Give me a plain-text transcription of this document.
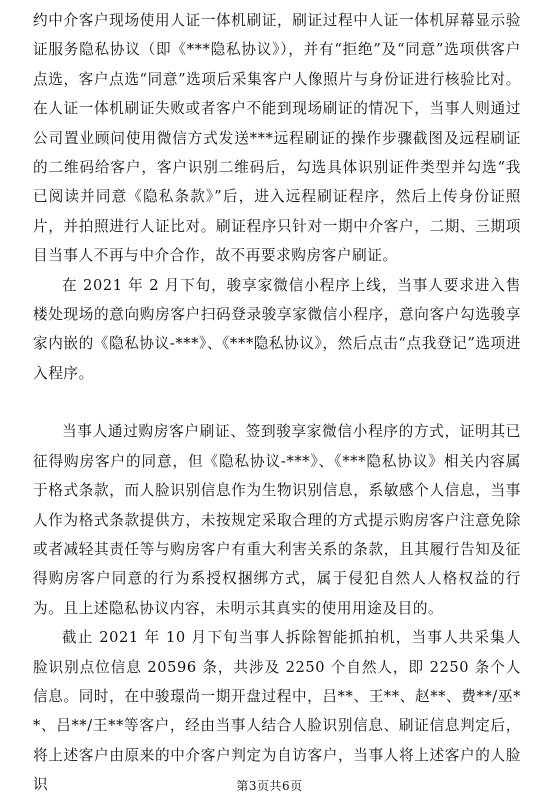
约中介客户现场使用人证一体机刷证，刷证过程中人证一体机屏幕显示验证服务隐私协议（即《***隐私协议》），并有“拒绝”及“同意”选项供客户点选，客户点选“同意”选项后采集客户人像照片与身份证进行核验比对。在人证一体机刷证失败或者客户不能到现场刷证的情况下，当事人则通过公司置业顾问使用微信方式发送***远程刷证的操作步骤截图及远程刷证的二维码给客户，客户识别二维码后，勾选具体识别证件类型并勾选“我已阅读并同意《隐私条款》”后，进入远程刷证程序，然后上传身份证照片，并拍照进行人证比对。刷证程序只针对一期中介客户，二期、三期项目当事人不再与中介合作，故不再要求购房客户刷证。

在 2021 年 2 月下旬，骏享家微信小程序上线，当事人要求进入售楼处现场的意向购房客户扫码登录骏享家微信小程序，意向客户勾选骏享家内嵌的《隐私协议-***》、《***隐私协议》，然后点击“点我登记”选项进入程序。

当事人通过购房客户刷证、签到骏享家微信小程序的方式，证明其已征得购房客户的同意，但《隐私协议-***》、《***隐私协议》相关内容属于格式条款，而人脸识别信息作为生物识别信息，系敏感个人信息，当事人作为格式条款提供方，未按规定采取合理的方式提示购房客户注意免除或者减轻其责任等与购房客户有重大利害关系的条款，且其履行告知及征得购房客户同意的行为系授权捆绑方式，属于侵犯自然人人格权益的行为。且上述隐私协议内容，未明示其真实的使用用途及目的。

截止 2021 年 10 月下旬当事人拆除智能抓拍机，当事人共采集人脸识别点位信息 20596 条，共涉及 2250 个自然人，即 2250 条个人信息。同时，在中骏璟尚一期开盘过程中，吕**、王**、赵**、费**/巫**、吕**/王**等客户，经由当事人结合人脸识别信息、刷证信息判定后，将上述客户由原来的中介客户判定为自访客户，当事人将上述客户的人脸识	第3页共6页
